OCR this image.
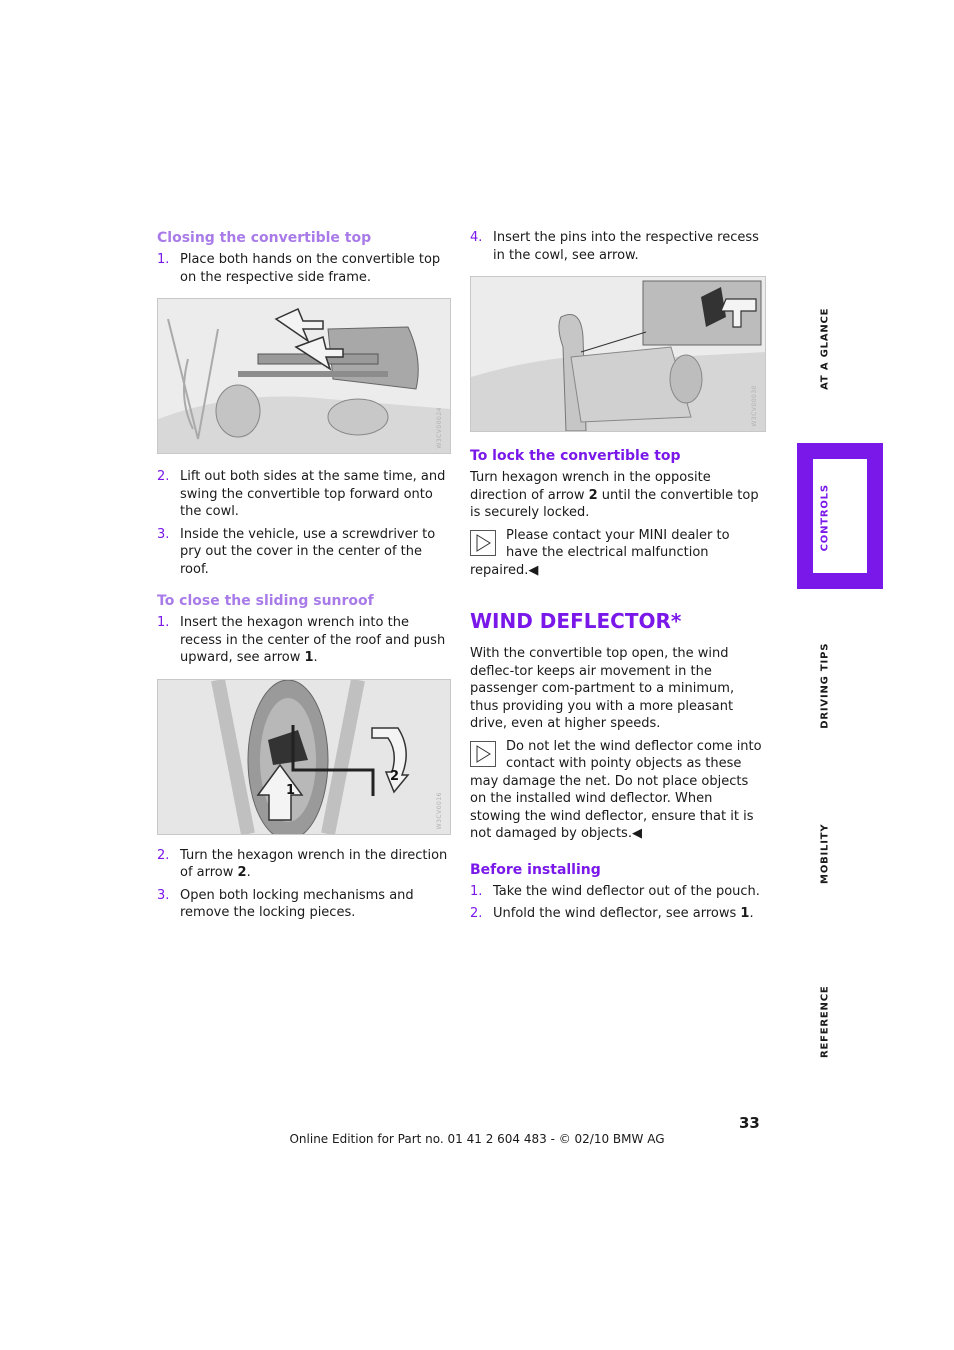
Closing the convertible top
1. Place both hands on the convertible top on the respective side frame.
W3CV00024
2. Lift out both sides at the same time, and swing the convertible top forward onto the cowl.
3. Inside the vehicle, use a screwdriver to pry out the cover in the center of the roof.
To close the sliding sunroof
1. Insert the hexagon wrench into the recess in the center of the roof and push upward, see arrow 1.
1
2
W3CV0016
2. Turn the hexagon wrench in the direction of arrow 2.
3. Open both locking mechanisms and remove the locking pieces.
4. Insert the pins into the respective recess in the cowl, see arrow.
W3CV00030
To lock the convertible top

Turn hexagon wrench in the opposite direction of arrow 2 until the convertible top is securely locked.

Please contact your MINI dealer to have the electrical malfunction repaired.◀
WIND DEFLECTOR*

With the convertible top open, the wind deflec-tor keeps air movement in the passenger com-partment to a minimum, thus providing you with a more pleasant drive, even at higher speeds.

Do not let the wind deflector come into contact with pointy objects as these may damage the net. Do not place objects on the installed wind deflector. When stowing the wind deflector, ensure that it is not damaged by objects.◀
Before installing
1. Take the wind deflector out of the pouch.
2. Unfold the wind deflector, see arrows 1.
AT A GLANCE
CONTROLS
DRIVING TIPS
MOBILITY
REFERENCE
33
Online Edition for Part no. 01 41 2 604 483 - © 02/10 BMW AG
